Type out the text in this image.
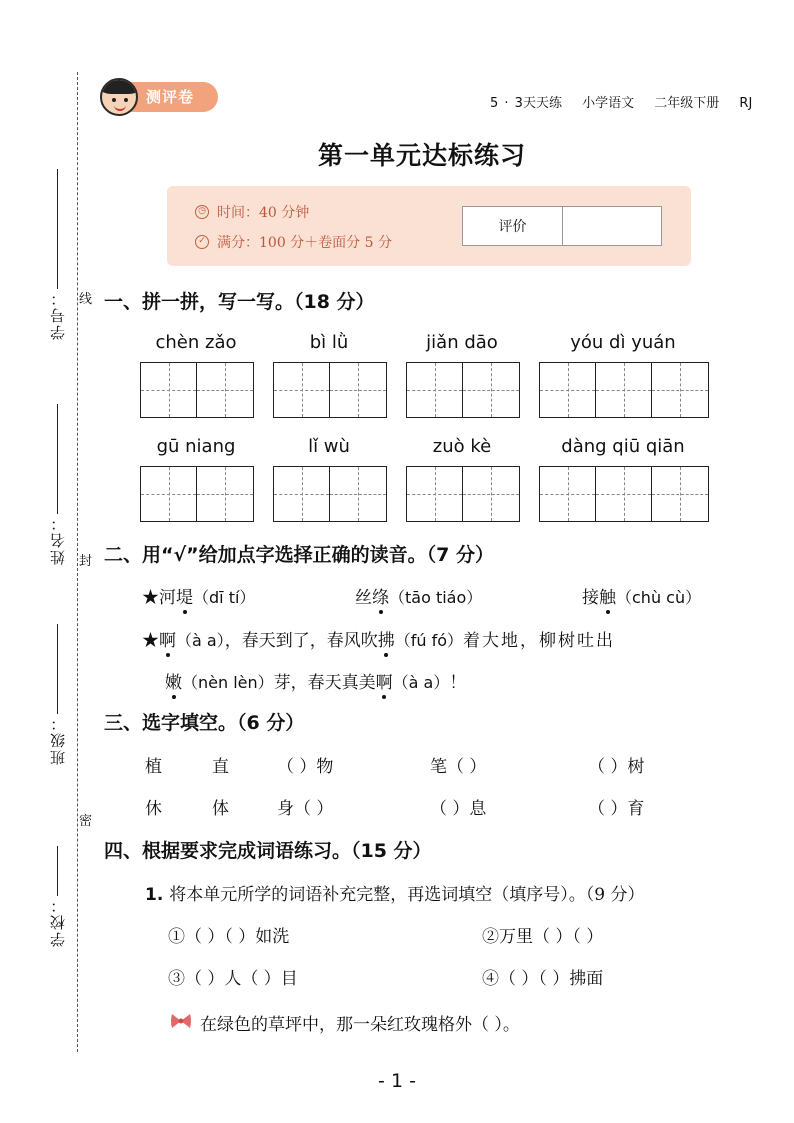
线
封
密
学号：
姓名：
班级：
学校：
测评卷	5 · 3天天练 小学语文 二年级下册 RJ
第一单元达标练习
◷ 时间：40 分钟
✓ 满分：100 分＋卷面分 5 分
评价
一、拼一拼，写一写。（18 分）
chèn zǎo	bì lǜ	jiǎn dāo	yóu dì yuán
gū niang	lǐ wù	zuò kè	dàng qiū qiān
二、用“√”给加点字选择正确的读音。（7 分）
★河堤（dī tí）	丝绦（tāo tiáo）	接触（chù cù）
★啊（à a），春天到了，春风吹拂（fú fó）着大地，柳树吐出
嫩（nèn lèn）芽，春天真美啊（à a）！
三、选字填空。（6 分）
植	直	（ ）物	笔（ ）	（ ）树
休	体	身（ ）	（ ）息	（ ）育
四、根据要求完成词语练习。（15 分）
1. 将本单元所学的词语补充完整，再选词填空（填序号）。（9 分）
①（ ）（ ）如洗	②万里（ ）（ ）
③（ ）人（ ）目	④（ ）（ ）拂面
在绿色的草坪中，那一朵红玫瑰格外（ ）。
- 1 -
